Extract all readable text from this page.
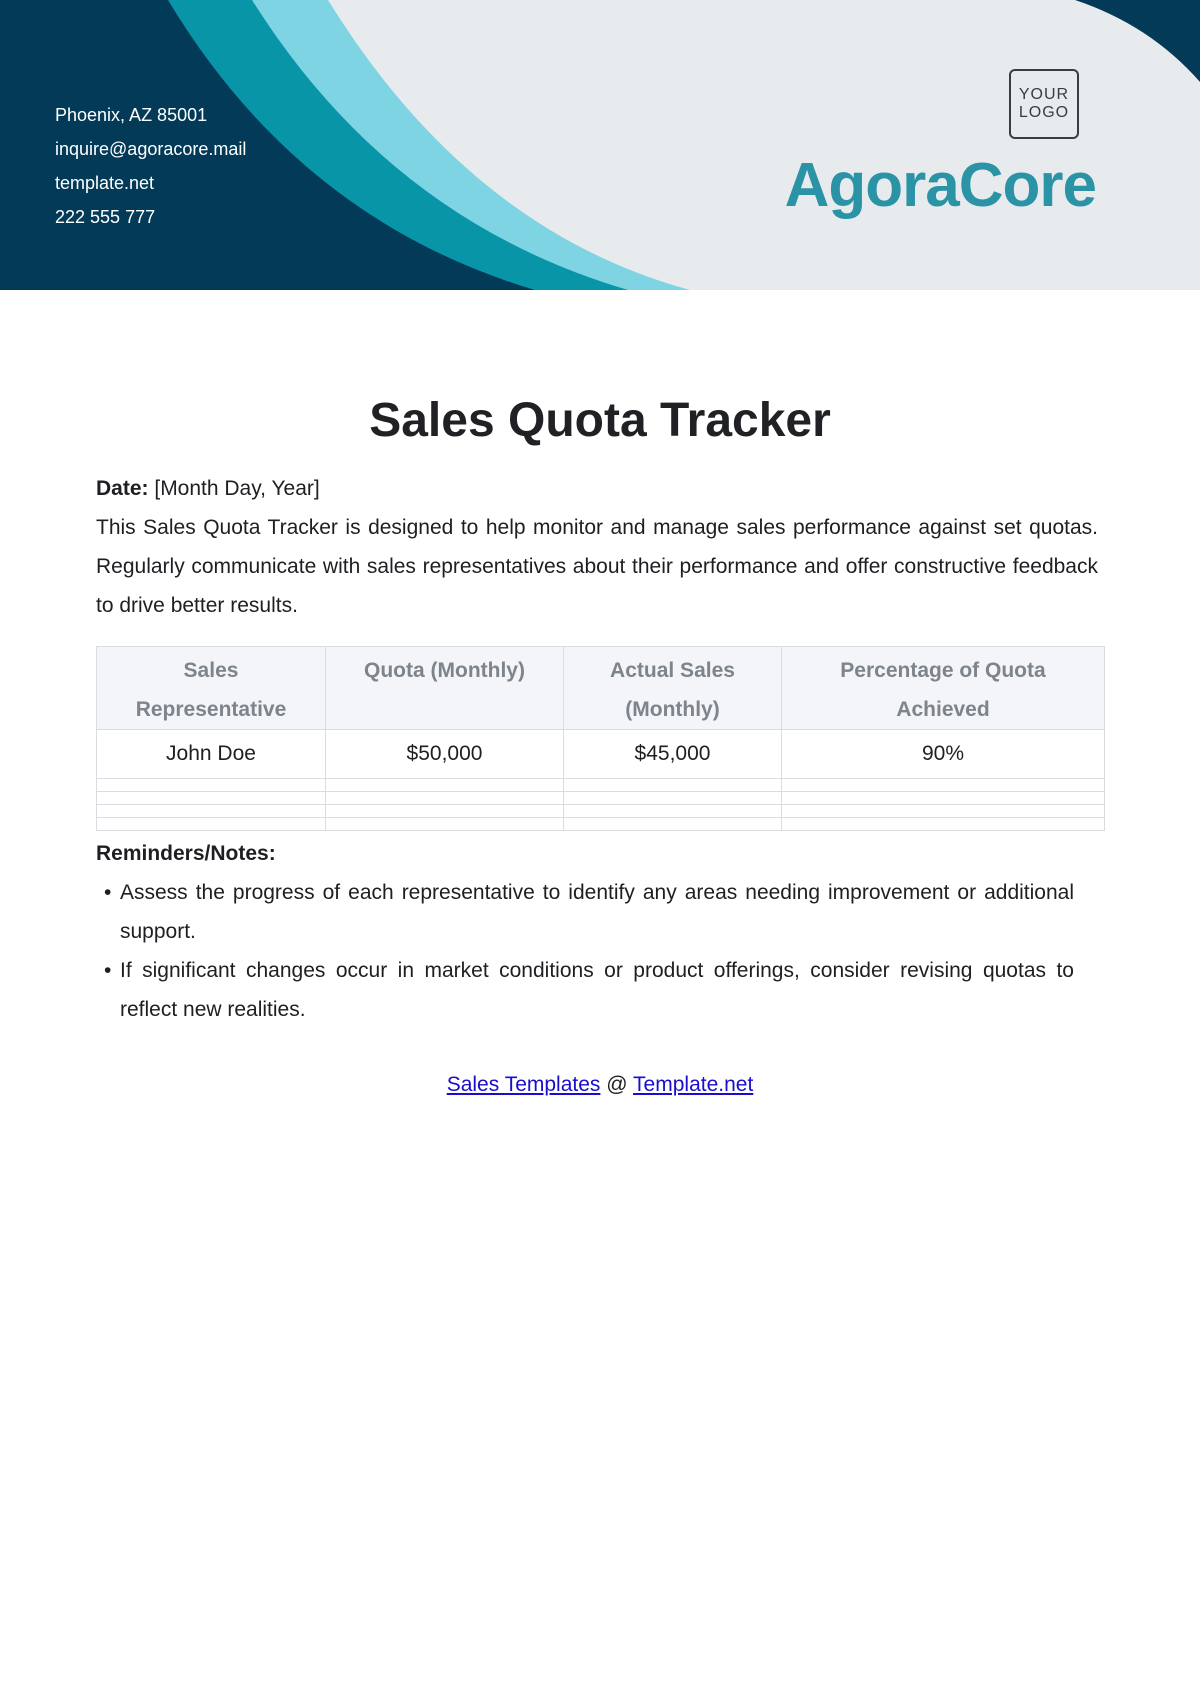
Phoenix, AZ 85001
inquire@agoracore.mail
template.net
222 555 777
YOUR LOGO
AgoraCore
Sales Quota Tracker
Date: [Month Day, Year]

This Sales Quota Tracker is designed to help monitor and manage sales performance against set quotas. Regularly communicate with sales representatives about their performance and offer constructive feedback to drive better results.

Sales Representative	Quota (Monthly)	Actual Sales (Monthly)	Percentage of Quota Achieved
John Doe	$50,000	$45,000	90%

Reminders/Notes:
• Assess the progress of each representative to identify any areas needing improvement or additional support.
• If significant changes occur in market conditions or product offerings, consider revising quotas to reflect new realities.
Sales Templates @ Template.net
